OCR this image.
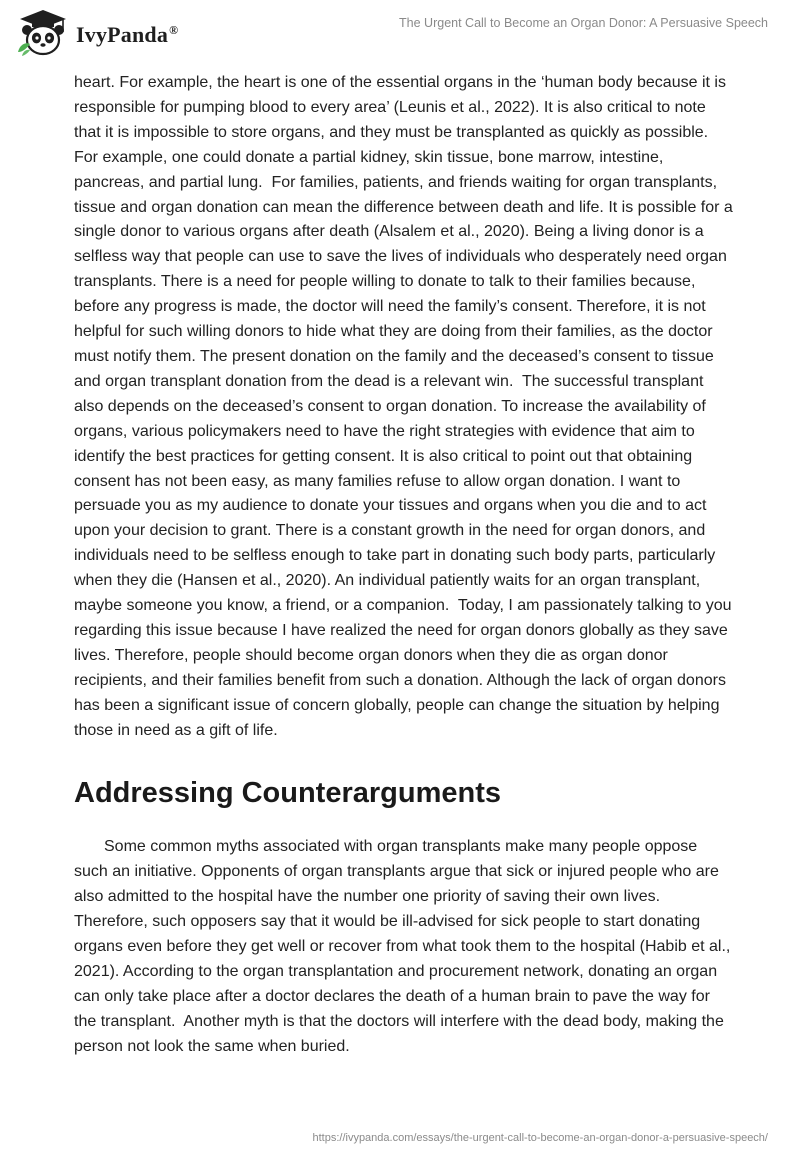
IvyPanda®	The Urgent Call to Become an Organ Donor: A Persuasive Speech

heart. For example, the heart is one of the essential organs in the ‘human body because it is responsible for pumping blood to every area’ (Leunis et al., 2022). It is also critical to note that it is impossible to store organs, and they must be transplanted as quickly as possible. For example, one could donate a partial kidney, skin tissue, bone marrow, intestine, pancreas, and partial lung.  For families, patients, and friends waiting for organ transplants, tissue and organ donation can mean the difference between death and life. It is possible for a single donor to various organs after death (Alsalem et al., 2020). Being a living donor is a selfless way that people can use to save the lives of individuals who desperately need organ transplants. There is a need for people willing to donate to talk to their families because, before any progress is made, the doctor will need the family’s consent. Therefore, it is not helpful for such willing donors to hide what they are doing from their families, as the doctor must notify them. The present donation on the family and the deceased’s consent to tissue and organ transplant donation from the dead is a relevant win.  The successful transplant also depends on the deceased’s consent to organ donation. To increase the availability of organs, various policymakers need to have the right strategies with evidence that aim to identify the best practices for getting consent. It is also critical to point out that obtaining consent has not been easy, as many families refuse to allow organ donation. I want to persuade you as my audience to donate your tissues and organs when you die and to act upon your decision to grant. There is a constant growth in the need for organ donors, and individuals need to be selfless enough to take part in donating such body parts, particularly when they die (Hansen et al., 2020). An individual patiently waits for an organ transplant, maybe someone you know, a friend, or a companion.  Today, I am passionately talking to you regarding this issue because I have realized the need for organ donors globally as they save lives. Therefore, people should become organ donors when they die as organ donor recipients, and their families benefit from such a donation. Although the lack of organ donors has been a significant issue of concern globally, people can change the situation by helping those in need as a gift of life.

Addressing Counterarguments

Some common myths associated with organ transplants make many people oppose such an initiative. Opponents of organ transplants argue that sick or injured people who are also admitted to the hospital have the number one priority of saving their own lives. Therefore, such opposers say that it would be ill-advised for sick people to start donating organs even before they get well or recover from what took them to the hospital (Habib et al., 2021). According to the organ transplantation and procurement network, donating an organ can only take place after a doctor declares the death of a human brain to pave the way for the transplant.  Another myth is that the doctors will interfere with the dead body, making the person not look the same when buried.

https://ivypanda.com/essays/the-urgent-call-to-become-an-organ-donor-a-persuasive-speech/
